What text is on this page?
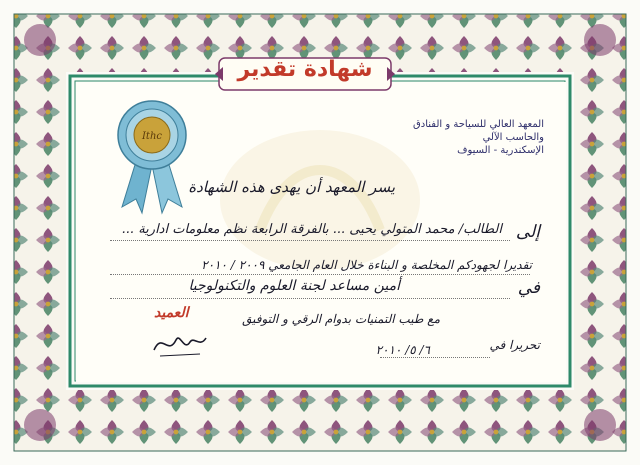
شهادة تقدير
Ithc
المعهد العالي للسياحة و الفنادق
والحاسب الآلي
الإسكندرية - السيوف
يسر المعهد أن يهدى هذه الشهادة
إلى
الطالب/ محمد المتولي يحيى ... بالفرقة الرابعة نظم معلومات ادارية ...
تقديرا لجهودكم المخلصة و البناءة خلال العام الجامعي ٢٠٠٩ / ٢٠١٠
في
أمين مساعد لجنة العلوم والتكنولوجيا
مع طيب التمنيات بدوام الرقي و التوفيق
تحريرا في
٦/ ٥/ ٢٠١٠
العميد
